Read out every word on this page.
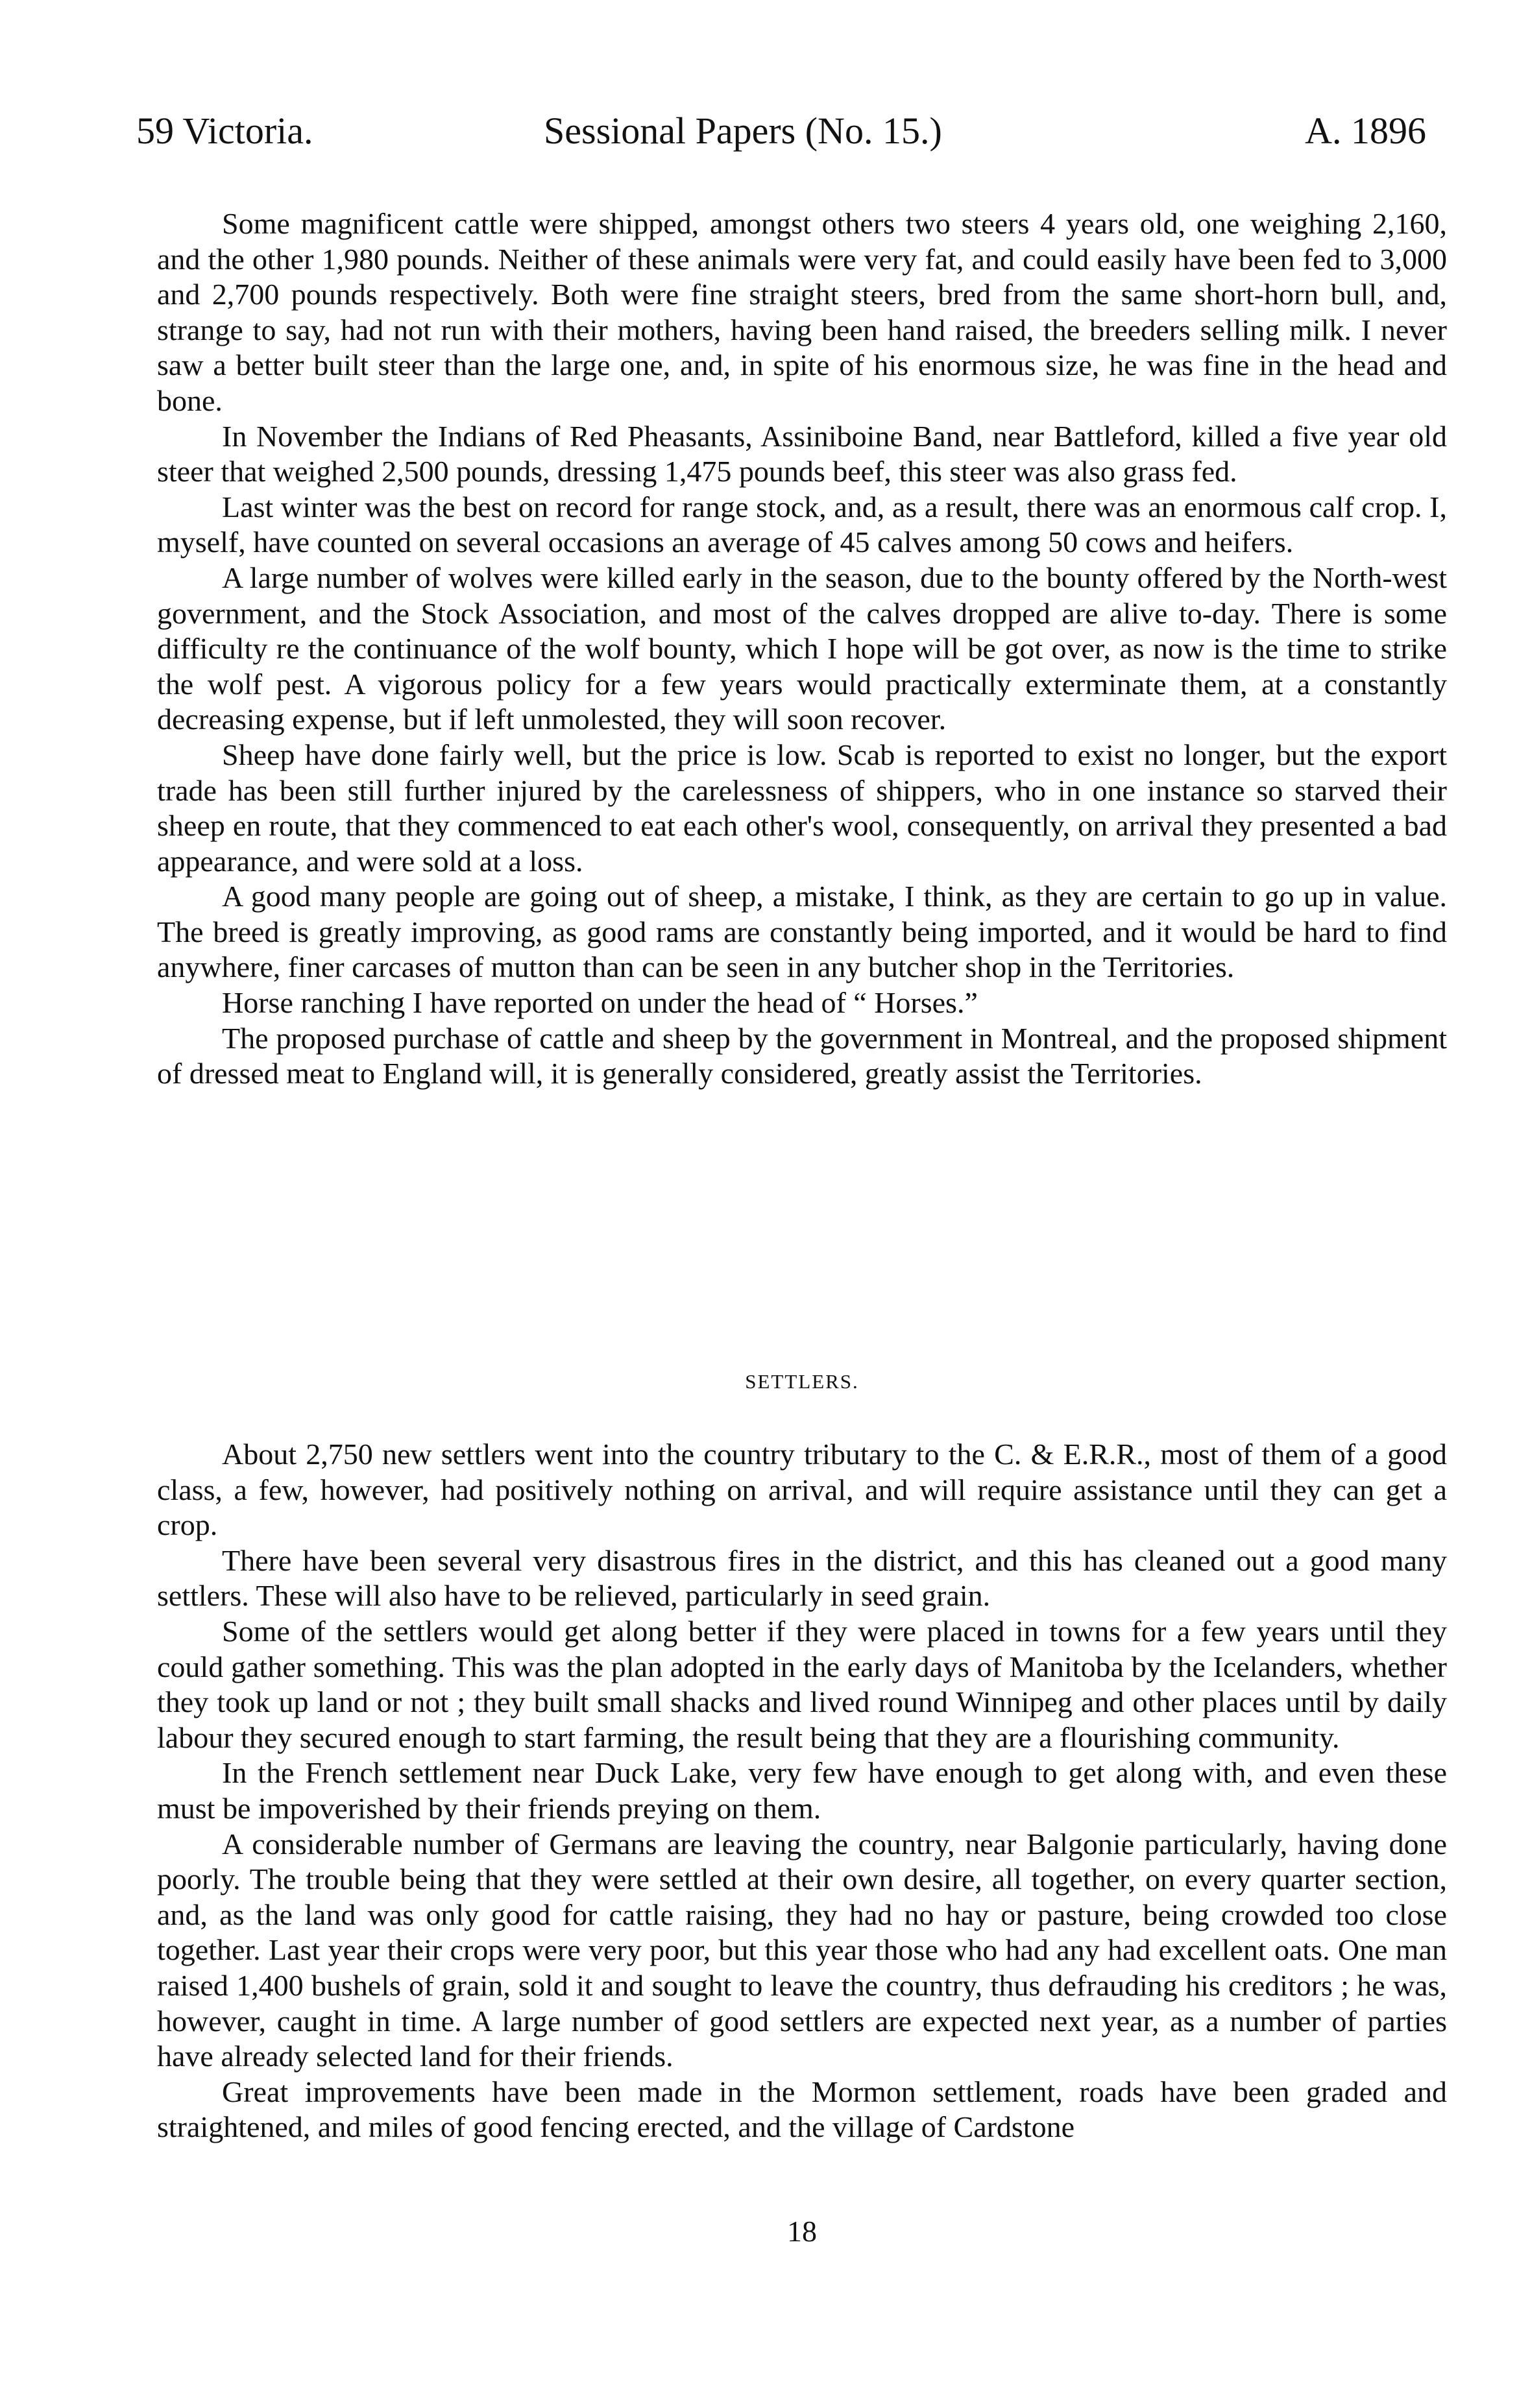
59 Victoria.	Sessional Papers (No. 15.)	A. 1896

Some magnificent cattle were shipped, amongst others two steers 4 years old, one weighing 2,160, and the other 1,980 pounds. Neither of these animals were very fat, and could easily have been fed to 3,000 and 2,700 pounds respectively. Both were fine straight steers, bred from the same short-horn bull, and, strange to say, had not run with their mothers, having been hand raised, the breeders selling milk. I never saw a better built steer than the large one, and, in spite of his enormous size, he was fine in the head and bone.

In November the Indians of Red Pheasants, Assiniboine Band, near Battleford, killed a five year old steer that weighed 2,500 pounds, dressing 1,475 pounds beef, this steer was also grass fed.

Last winter was the best on record for range stock, and, as a result, there was an enormous calf crop. I, myself, have counted on several occasions an average of 45 calves among 50 cows and heifers.

A large number of wolves were killed early in the season, due to the bounty offered by the North-west government, and the Stock Association, and most of the calves dropped are alive to-day. There is some difficulty re the continuance of the wolf bounty, which I hope will be got over, as now is the time to strike the wolf pest. A vigorous policy for a few years would practically exterminate them, at a constantly decreasing expense, but if left unmolested, they will soon recover.

Sheep have done fairly well, but the price is low. Scab is reported to exist no longer, but the export trade has been still further injured by the carelessness of shippers, who in one instance so starved their sheep en route, that they commenced to eat each other's wool, consequently, on arrival they presented a bad appearance, and were sold at a loss.

A good many people are going out of sheep, a mistake, I think, as they are certain to go up in value. The breed is greatly improving, as good rams are constantly being imported, and it would be hard to find anywhere, finer carcases of mutton than can be seen in any butcher shop in the Territories.

Horse ranching I have reported on under the head of “ Horses.”

The proposed purchase of cattle and sheep by the government in Montreal, and the proposed shipment of dressed meat to England will, it is generally considered, greatly assist the Territories.

SETTLERS.

About 2,750 new settlers went into the country tributary to the C. & E.R.R., most of them of a good class, a few, however, had positively nothing on arrival, and will require assistance until they can get a crop.

There have been several very disastrous fires in the district, and this has cleaned out a good many settlers. These will also have to be relieved, particularly in seed grain.

Some of the settlers would get along better if they were placed in towns for a few years until they could gather something. This was the plan adopted in the early days of Manitoba by the Icelanders, whether they took up land or not ; they built small shacks and lived round Winnipeg and other places until by daily labour they secured enough to start farming, the result being that they are a flourishing community.

In the French settlement near Duck Lake, very few have enough to get along with, and even these must be impoverished by their friends preying on them.

A considerable number of Germans are leaving the country, near Balgonie particularly, having done poorly. The trouble being that they were settled at their own desire, all together, on every quarter section, and, as the land was only good for cattle raising, they had no hay or pasture, being crowded too close together. Last year their crops were very poor, but this year those who had any had excellent oats. One man raised 1,400 bushels of grain, sold it and sought to leave the country, thus defrauding his creditors ; he was, however, caught in time. A large number of good settlers are expected next year, as a number of parties have already selected land for their friends.

Great improvements have been made in the Mormon settlement, roads have been graded and straightened, and miles of good fencing erected, and the village of Cardstone

18
